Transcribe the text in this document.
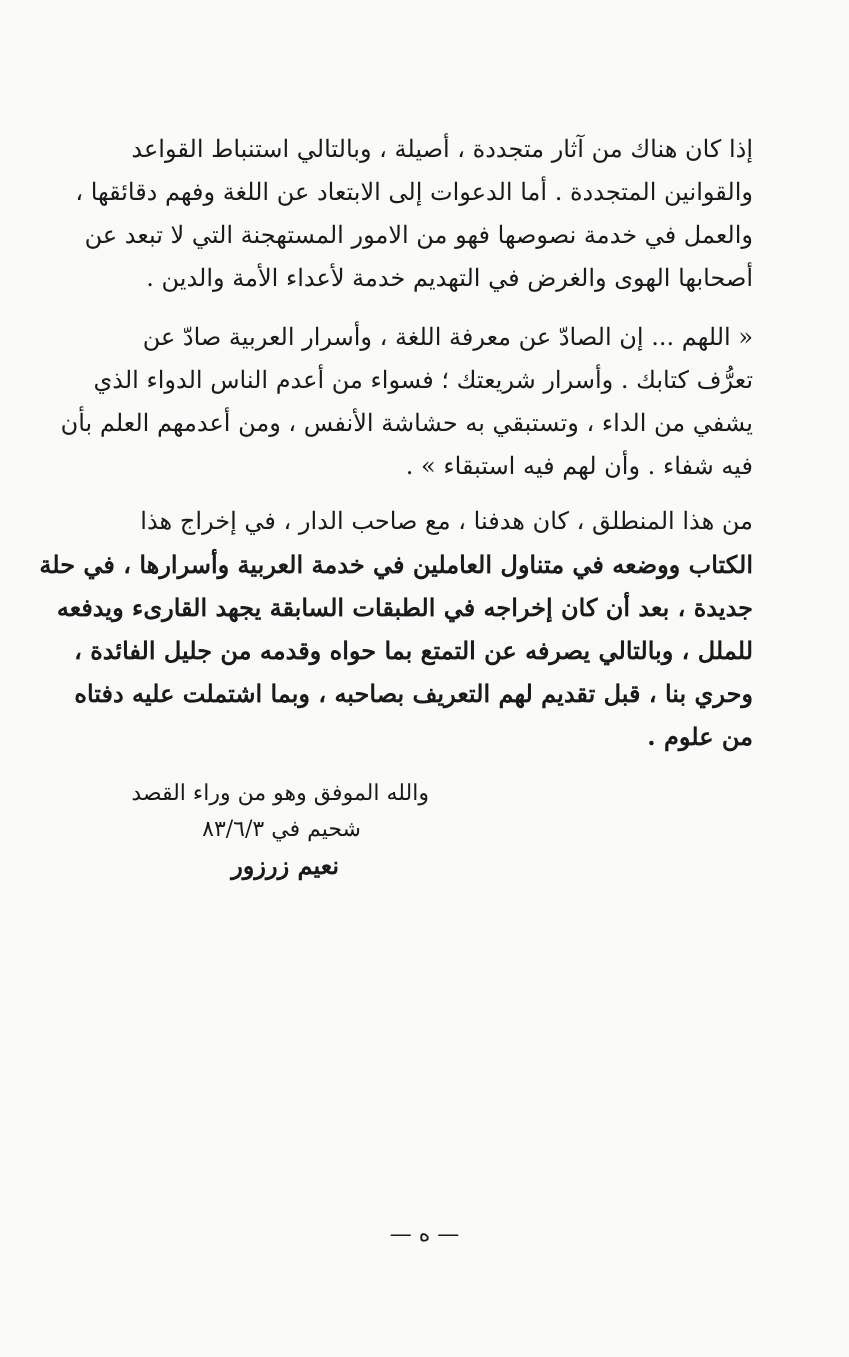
إذا كان هناك من آثار متجددة ، أصيلة ، وبالتالي استنباط القواعد
والقوانين المتجددة . أما الدعوات إلى الابتعاد عن اللغة وفهم دقائقها ،
والعمل في خدمة نصوصها فهو من الامور المستهجنة التي لا تبعد عن
أصحابها الهوى والغرض في التهديم خدمة لأعداء الأمة والدين .
« اللهم ... إن الصادّ عن معرفة اللغة ، وأسرار العربية صادّ عن
تعرُّف كتابك . وأسرار شريعتك ؛ فسواء من أعدم الناس الدواء الذي
يشفي من الداء ، وتستبقي به حشاشة الأنفس ، ومن أعدمهم العلم بأن
فيه شفاء . وأن لهم فيه استبقاء » .
من هذا المنطلق ، كان هدفنا ، مع صاحب الدار ، في إخراج هذا
الكتاب ووضعه في متناول العاملين في خدمة العربية وأسرارها ، في حلة
جديدة ، بعد أن كان إخراجه في الطبقات السابقة يجهد القارىء ويدفعه
للملل ، وبالتالي يصرفه عن التمتع بما حواه وقدمه من جليل الفائدة ،
وحري بنا ، قبل تقديم لهم التعريف بصاحبه ، وبما اشتملت عليه دفتاه
من علوم .
والله الموفق وهو من وراء القصد
شحيم في ٨٣/٦/٣
نعيم زرزور
— ه —
